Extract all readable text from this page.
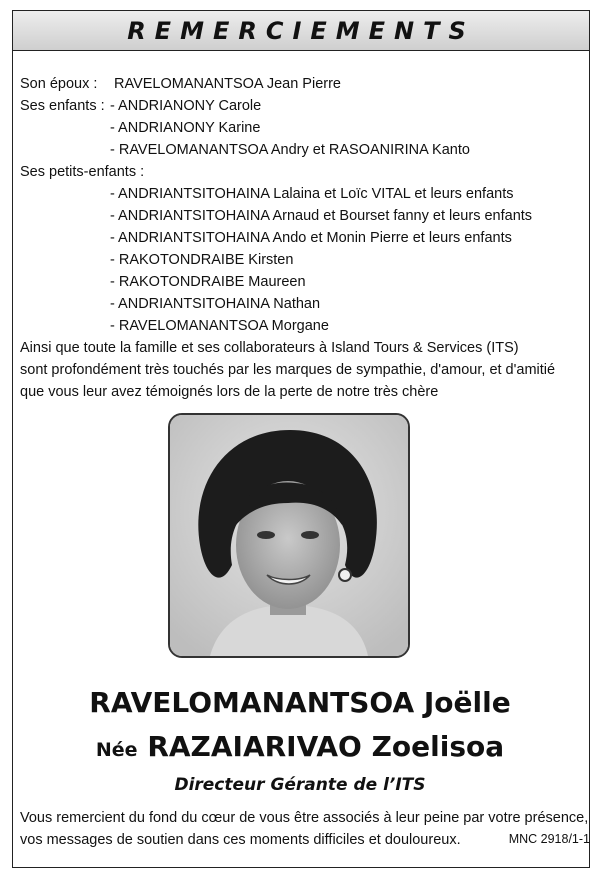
REMERCIEMENTS
Son époux : RAVELOMANANTSOA Jean Pierre
Ses enfants : - ANDRIANONY Carole
- ANDRIANONY Karine
- RAVELOMANANTSOA Andry et RASOANIRINA Kanto
Ses petits-enfants :
- ANDRIANTSITOHAINA Lalaina et Loïc VITAL et leurs enfants
- ANDRIANTSITOHAINA Arnaud et Bourset fanny et leurs enfants
- ANDRIANTSITOHAINA Ando et Monin Pierre et leurs enfants
- RAKOTONDRAIBE Kirsten
- RAKOTONDRAIBE Maureen
- ANDRIANTSITOHAINA Nathan
- RAVELOMANANTSOA Morgane
Ainsi que toute la famille et ses collaborateurs à Island Tours & Services (ITS)
sont profondément très touchés par les marques de sympathie, d'amour, et d'amitié
que vous leur avez témoignés lors de la perte de notre très chère
RAVELOMANANTSOA Joëlle
Née RAZAIARIVAO Zoelisoa
Directeur Gérante de l’ITS
Vous remercient du fond du cœur de vous être associés à leur peine par votre présence,
vos messages de soutien dans ces moments difficiles et douloureux.	MNC 2918/1-1
